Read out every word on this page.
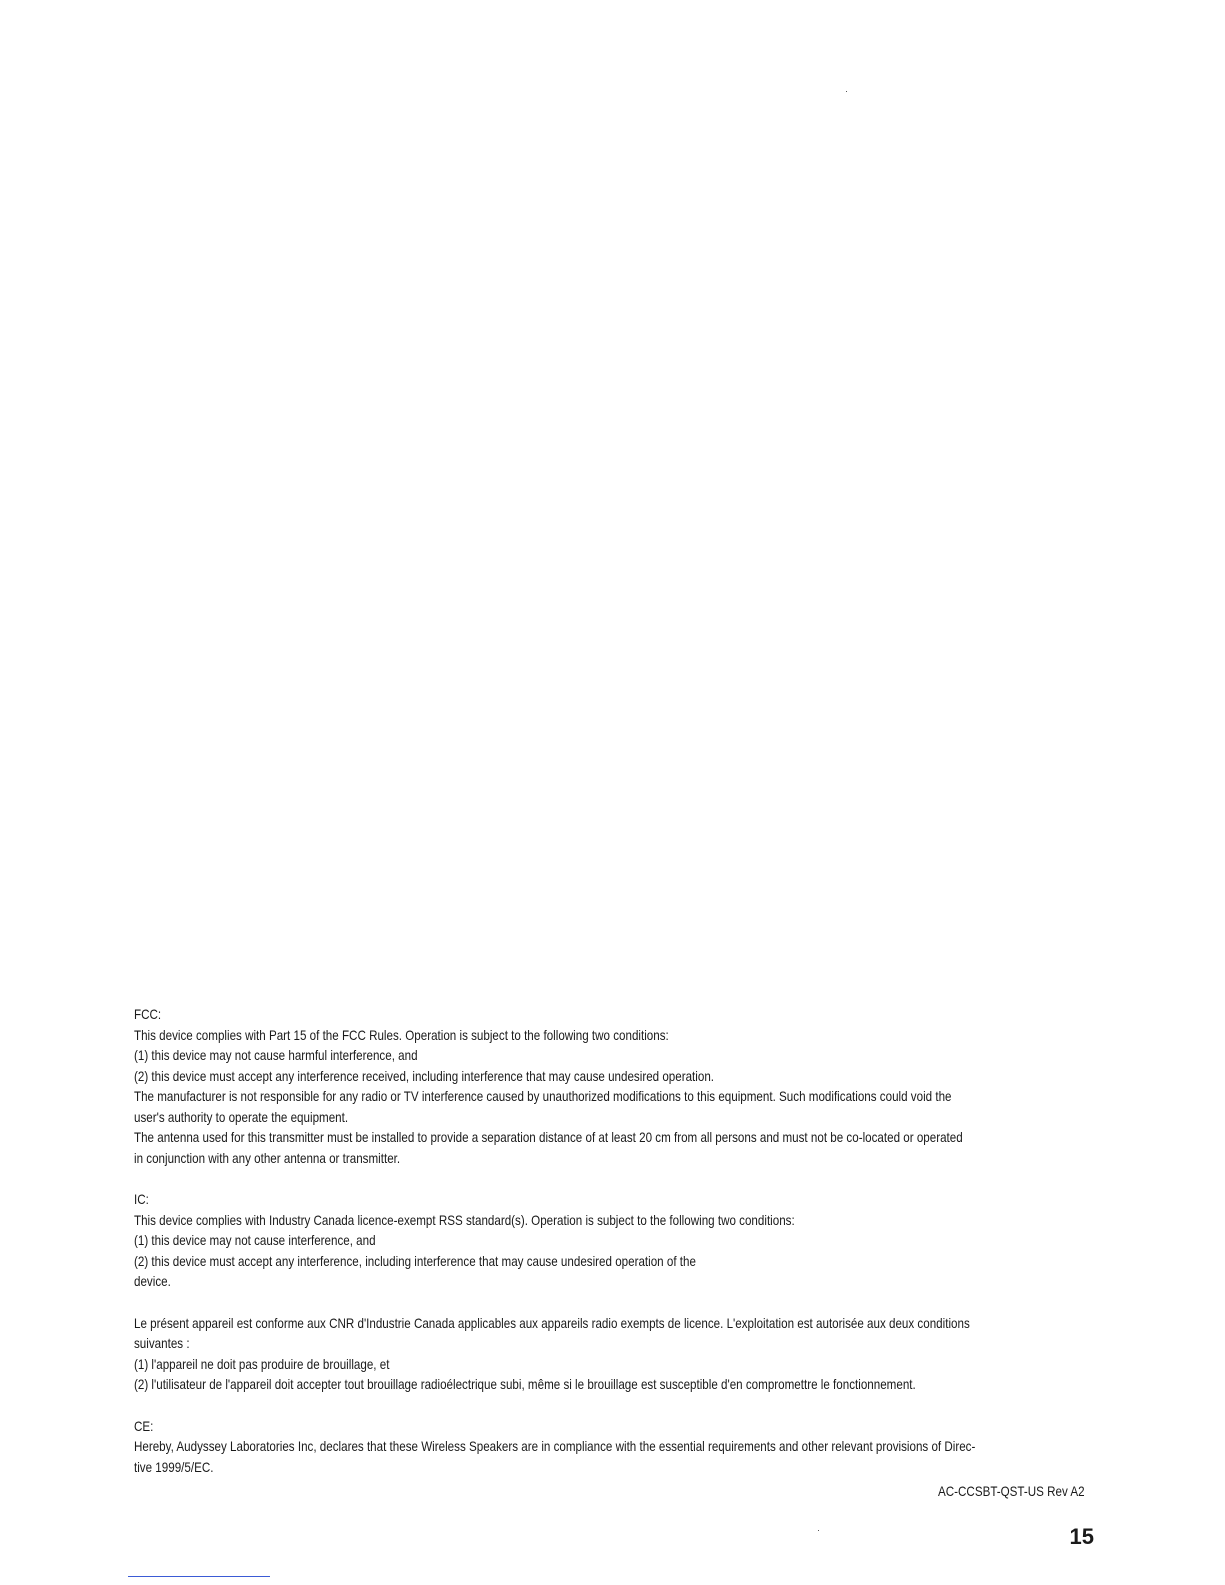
FCC:
This device complies with Part 15 of the FCC Rules. Operation is subject to the following two conditions:
(1) this device may not cause harmful interference, and
(2) this device must accept any interference received, including interference that may cause undesired operation.
The manufacturer is not responsible for any radio or TV interference caused by unauthorized modifications to this equipment. Such modifications could void the
user's authority to operate the equipment.
The antenna used for this transmitter must be installed to provide a separation distance of at least 20 cm from all persons and must not be co-located or operated
in conjunction with any other antenna or transmitter.
IC:
This device complies with Industry Canada licence-exempt RSS standard(s). Operation is subject to the following two conditions:
(1) this device may not cause interference, and
(2) this device must accept any interference, including interference that may cause undesired operation of the
device.
Le présent appareil est conforme aux CNR d'Industrie Canada applicables aux appareils radio exempts de licence. L'exploitation est autorisée aux deux conditions
suivantes :
(1) l'appareil ne doit pas produire de brouillage, et
(2) l'utilisateur de l'appareil doit accepter tout brouillage radioélectrique subi, même si le brouillage est susceptible d'en compromettre le fonctionnement.
CE:
Hereby, Audyssey Laboratories Inc, declares that these Wireless Speakers are in compliance with the essential requirements and other relevant provisions of Direc-
tive 1999/5/EC.
AC-CCSBT-QST-US Rev A2
15
